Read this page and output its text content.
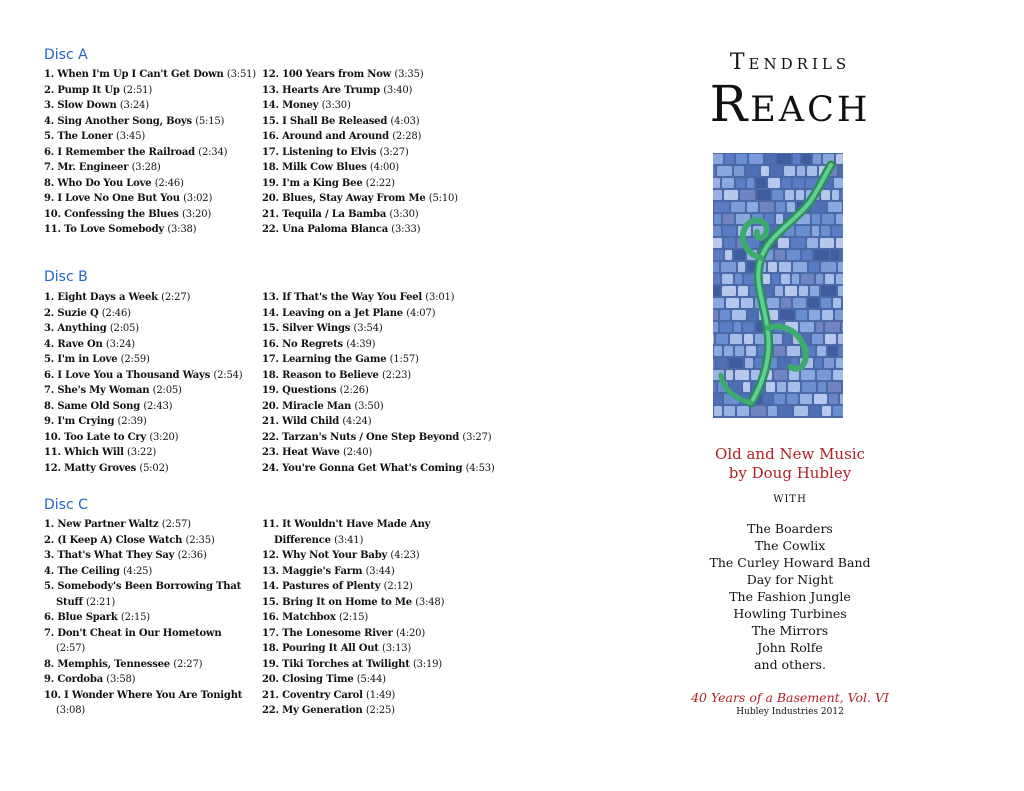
Disc A
1. When I'm Up I Can't Get Down (3:51)
2. Pump It Up (2:51)
3. Slow Down (3:24)
4. Sing Another Song, Boys (5:15)
5. The Loner (3:45)
6. I Remember the Railroad (2:34)
7. Mr. Engineer (3:28)
8. Who Do You Love (2:46)
9. I Love No One But You (3:02)
10. Confessing the Blues (3:20)
11. To Love Somebody (3:38)
12. 100 Years from Now (3:35)
13. Hearts Are Trump (3:40)
14. Money (3:30)
15. I Shall Be Released (4:03)
16. Around and Around (2:28)
17. Listening to Elvis (3:27)
18. Milk Cow Blues (4:00)
19. I'm a King Bee (2:22)
20. Blues, Stay Away From Me (5:10)
21. Tequila / La Bamba (3:30)
22. Una Paloma Blanca (3:33)
Disc B
1. Eight Days a Week (2:27)
2. Suzie Q (2:46)
3. Anything (2:05)
4. Rave On (3:24)
5. I'm in Love (2:59)
6. I Love You a Thousand Ways (2:54)
7. She's My Woman (2:05)
8. Same Old Song (2:43)
9. I'm Crying (2:39)
10. Too Late to Cry (3:20)
11. Which Will (3:22)
12. Matty Groves (5:02)
13. If That's the Way You Feel (3:01)
14. Leaving on a Jet Plane (4:07)
15. Silver Wings (3:54)
16. No Regrets (4:39)
17. Learning the Game (1:57)
18. Reason to Believe (2:23)
19. Questions (2:26)
20. Miracle Man (3:50)
21. Wild Child (4:24)
22. Tarzan's Nuts / One Step Beyond (3:27)
23. Heat Wave (2:40)
24. You're Gonna Get What's Coming (4:53)
Disc C
1. New Partner Waltz (2:57)
2. (I Keep A) Close Watch (2:35)
3. That's What They Say (2:36)
4. The Ceiling (4:25)
5. Somebody's Been Borrowing That
Stuff (2:21)
6. Blue Spark (2:15)
7. Don't Cheat in Our Hometown
(2:57)
8. Memphis, Tennessee (2:27)
9. Cordoba (3:58)
10. I Wonder Where You Are Tonight
(3:08)
11. It Wouldn't Have Made Any
Difference (3:41)
12. Why Not Your Baby (4:23)
13. Maggie's Farm (3:44)
14. Pastures of Plenty (2:12)
15. Bring It on Home to Me (3:48)
16. Matchbox (2:15)
17. The Lonesome River (4:20)
18. Pouring It All Out (3:13)
19. Tiki Torches at Twilight (3:19)
20. Closing Time (5:44)
21. Coventry Carol (1:49)
22. My Generation (2:25)
Tendrils
Reach
Old and New Music
by Doug Hubley
with
The Boarders
The Cowlix
The Curley Howard Band
Day for Night
The Fashion Jungle
Howling Turbines
The Mirrors
John Rolfe
and others.
40 Years of a Basement, Vol. VI
Hubley Industries 2012
